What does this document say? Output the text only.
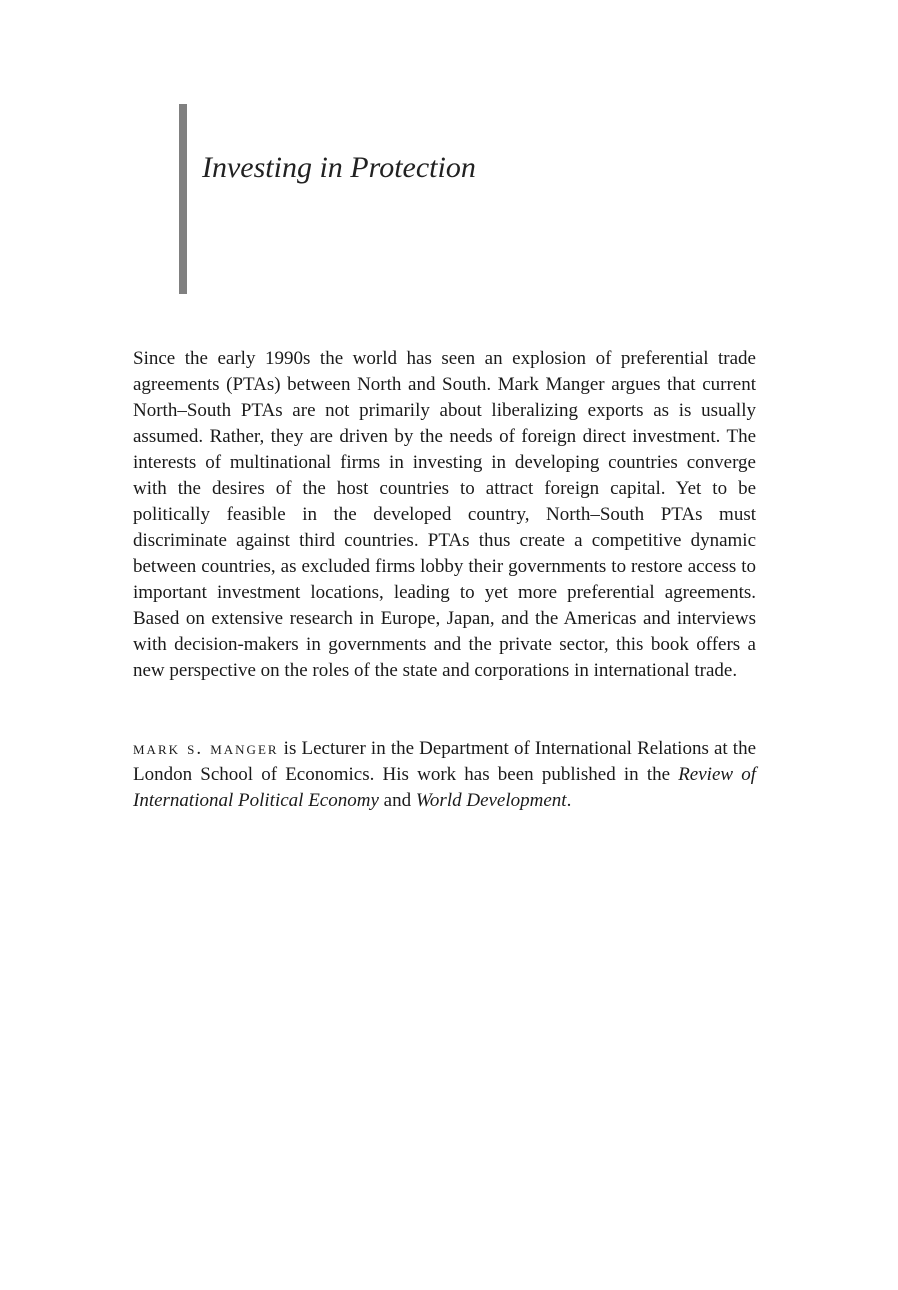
Investing in Protection

Since the early 1990s the world has seen an explosion of preferential trade agreements (PTAs) between North and South. Mark Manger argues that current North–South PTAs are not primarily about liberalizing exports as is usually assumed. Rather, they are driven by the needs of foreign direct investment. The interests of multinational firms in investing in developing countries converge with the desires of the host countries to attract foreign capital. Yet to be politically feasible in the developed country, North–South PTAs must discriminate against third countries. PTAs thus create a competitive dynamic between countries, as excluded firms lobby their governments to restore access to important investment locations, leading to yet more preferential agreements. Based on extensive research in Europe, Japan, and the Americas and interviews with decision-makers in governments and the private sector, this book offers a new perspective on the roles of the state and corporations in international trade.

mark s. manger is Lecturer in the Department of International Relations at the London School of Economics. His work has been published in the Review of International Political Economy and World Development.
